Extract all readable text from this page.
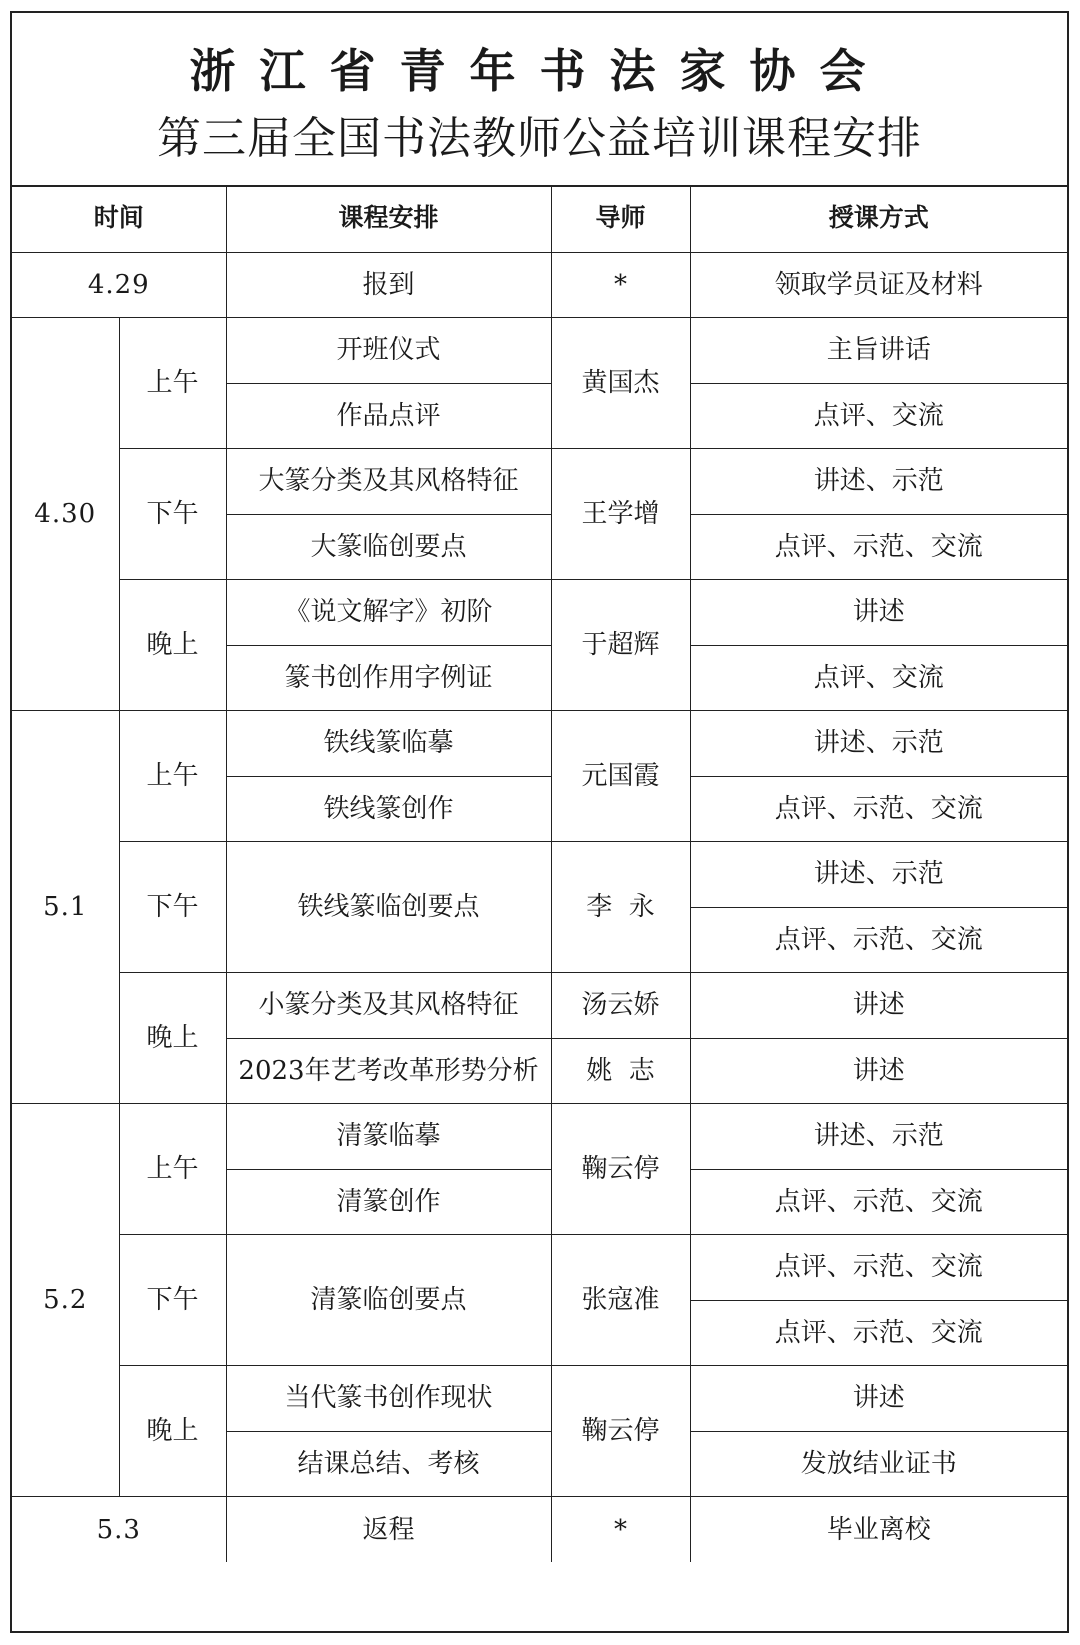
浙江省青年书法家协会
第三届全国书法教师公益培训课程安排
时间		课程安排	导师	授课方式
4.29		报到	*	领取学员证及材料
4.30	上午	开班仪式	黄国杰	主旨讲话
		作品点评		点评、交流
	下午	大篆分类及其风格特征	王学增	讲述、示范
		大篆临创要点		点评、示范、交流
	晚上	《说文解字》初阶	于超辉	讲述
		篆书创作用字例证		点评、交流
5.1	上午	铁线篆临摹	元国霞	讲述、示范
		铁线篆创作		点评、示范、交流
	下午	铁线篆临创要点	李  永	讲述、示范
				点评、示范、交流
	晚上	小篆分类及其风格特征	汤云娇	讲述
		2023年艺考改革形势分析	姚  志	讲述
5.2	上午	清篆临摹	鞠云停	讲述、示范
		清篆创作		点评、示范、交流
	下午	清篆临创要点	张寇准	点评、示范、交流
				点评、示范、交流
	晚上	当代篆书创作现状	鞠云停	讲述
		结课总结、考核		发放结业证书
5.3		返程	*	毕业离校
